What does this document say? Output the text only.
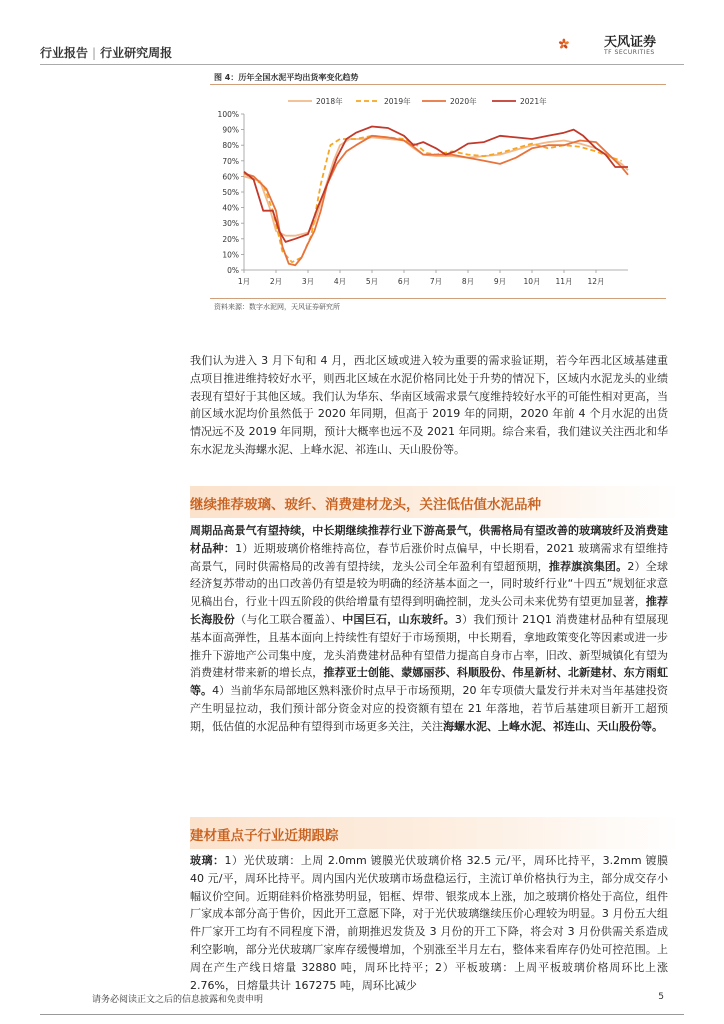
行业报告 | 行业研究周报
天风证券
TF SECURITIES
图 4：历年全国水泥平均出货率变化趋势
0%
10%
20%
30%
40%
50%
60%
70%
80%
90%
100%
1月	2月	3月	4月	5月	6月	7月	8月	9月 10月 11月 12月
2018年	2019年	2020年	2021年
资料来源：数字水泥网，天风证券研究所
我们认为进入 3 月下旬和 4 月，西北区域或进入较为重要的需求验证期，若今年西北区域基建重点项目推进维持较好水平，则西北区域在水泥价格同比处于升势的情况下，区域内水泥龙头的业绩表现有望好于其他区域。我们认为华东、华南区域需求景气度维持较好水平的可能性相对更高，当前区域水泥均价虽然低于 2020 年同期，但高于 2019 年的同期，2020 年前 4 个月水泥的出货情况远不及 2019 年同期，预计大概率也远不及 2021 年同期。综合来看，我们建议关注西北和华东水泥龙头海螺水泥、上峰水泥、祁连山、天山股份等。
继续推荐玻璃、玻纤、消费建材龙头，关注低估值水泥品种
周期品高景气有望持续，中长期继续推荐行业下游高景气，供需格局有望改善的玻璃玻纤及消费建材品种：1）近期玻璃价格维持高位，春节后涨价时点偏早，中长期看，2021 玻璃需求有望维持高景气，同时供需格局的改善有望持续，龙头公司全年盈利有望超预期，推荐旗滨集团。2）全球经济复苏带动的出口改善仍有望是较为明确的经济基本面之一，同时玻纤行业“十四五”规划征求意见稿出台，行业十四五阶段的供给增量有望得到明确控制，龙头公司未来优势有望更加显著，推荐长海股份（与化工联合覆盖）、中国巨石，山东玻纤。3）我们预计 21Q1 消费建材品种有望展现基本面高弹性，且基本面向上持续性有望好于市场预期，中长期看，拿地政策变化等因素或进一步推升下游地产公司集中度，龙头消费建材品种有望借力提高自身市占率，旧改、新型城镇化有望为消费建材带来新的增长点，推荐亚士创能、蒙娜丽莎、科顺股份、伟星新材、北新建材、东方雨虹等。4）当前华东局部地区熟料涨价时点早于市场预期，20 年专项债大量发行并未对当年基建投资产生明显拉动，我们预计部分资金对应的投资额有望在 21 年落地，若节后基建项目新开工超预期，低估值的水泥品种有望得到市场更多关注，关注海螺水泥、上峰水泥、祁连山、天山股份等。
建材重点子行业近期跟踪
玻璃：1）光伏玻璃：上周 2.0mm 镀膜光伏玻璃价格 32.5 元/平，周环比持平，3.2mm 镀膜 40 元/平，周环比持平。周内国内光伏玻璃市场盘稳运行，主流订单价格执行为主，部分成交存小幅议价空间。近期硅料价格涨势明显，铝框、焊带、银浆成本上涨，加之玻璃价格处于高位，组件厂家成本部分高于售价，因此开工意愿下降，对于光伏玻璃继续压价心理较为明显。3 月份五大组件厂家开工均有不同程度下滑，前期推迟发货及 3 月份的开工下降，将会对 3 月份供需关系造成利空影响，部分光伏玻璃厂家库存缓慢增加，个别涨至半月左右，整体来看库存仍处可控范围。上周在产生产线日熔量 32880 吨，周环比持平；2）平板玻璃：上周平板玻璃价格周环比上涨 2.76%，日熔量共计 167275 吨，周环比减少
请务必阅读正文之后的信息披露和免责申明	5
